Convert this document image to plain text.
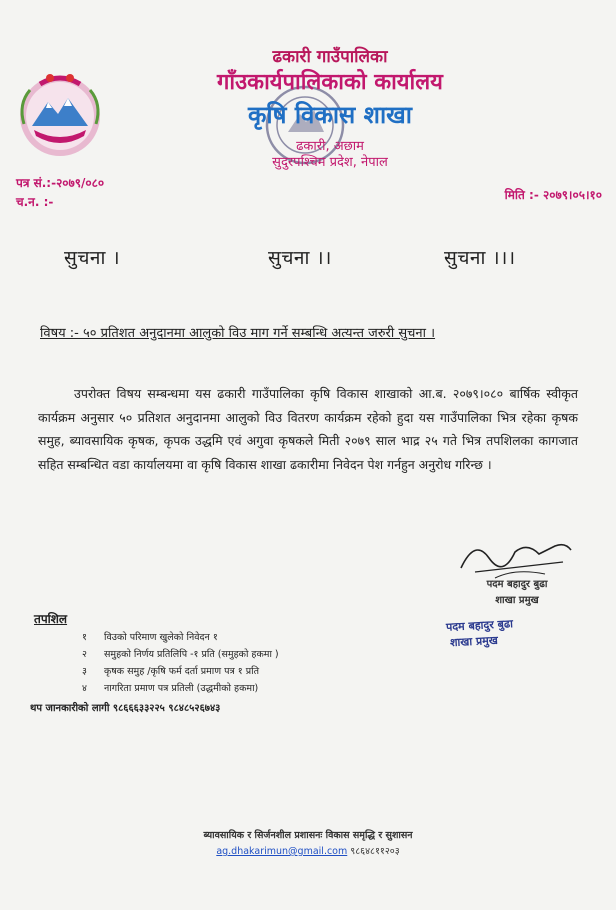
ढकारी गाउँपालिका
गाँउकार्यपालिकाको कार्यालय
कृषि विकास शाखा
ढकारी, अछाम
सुदुरपश्चिम प्रदेश, नेपाल
पत्र सं.:-२०७९/०८०
च.न. :-	मिति :- २०७९।०५।१०
सुचना ।	सुचना ।।	सुचना ।।।
विषय :- ५० प्रतिशत अनुदानमा आलुको विउ माग गर्ने सम्बन्धि अत्यन्त जरुरी सुचना ।
उपरोक्त विषय सम्बन्धमा यस ढकारी गाउँपालिका कृषि विकास शाखाको आ.ब. २०७९।०८० बार्षिक स्वीकृत कार्यक्रम अनुसार ५० प्रतिशत अनुदानमा आलुको विउ वितरण कार्यक्रम रहेको हुदा यस गाउँपालिका भित्र रहेका कृषक समुह, ब्यावसायिक कृषक, कृपक उद्धमि एवं अगुवा कृषकले मिती २०७९ साल भाद्र २५ गते भित्र तपशिलका कागजात सहित सम्बन्धित वडा कार्यालयमा वा कृषि विकास शाखा ढकारीमा निवेदन पेश गर्नहुन अनुरोध गरिन्छ ।
पदम बहादुर बुढा
शाखा प्रमुख
पदम बहादुर बुढा
शाखा प्रमुख
तपशिल
१ विउको परिमाण खुलेको निवेदन १
२ समुहको निर्णय प्रतिलिपि -१ प्रति (समुहको हकमा )
३ कृषक समुह /कृषि फर्म दर्ता प्रमाण पत्र १ प्रति
४ नागरिता प्रमाण पत्र प्रतिली (उद्धमीको हकमा)
थप जानकारीको लागी ९८६६६३३२२५ ९८४८५२६७४३
ब्यावसायिक र सिर्जनशील प्रशासनः विकास समृद्धि र सुशासन
ag.dhakarimun@gmail.com ९८६४८११२०३
